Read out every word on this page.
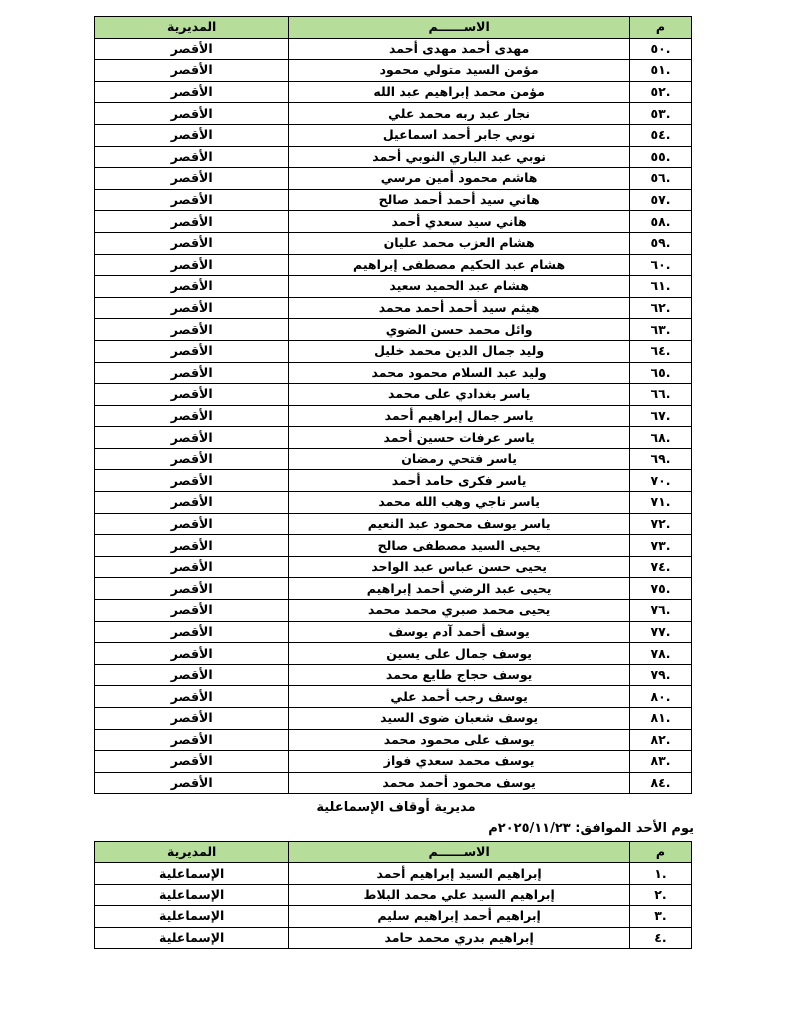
م	الاســــــم	المديرية
.٥٠	مهدى أحمد مهدى أحمد	الأقصر
.٥١	مؤمن السيد متولي محمود	الأقصر
.٥٢	مؤمن محمد إبراهيم عبد الله	الأقصر
.٥٣	نجار عبد ربه محمد علي	الأقصر
.٥٤	نوبي جابر أحمد اسماعيل	الأقصر
.٥٥	نوبي عبد الباري النوبي أحمد	الأقصر
.٥٦	هاشم محمود أمين مرسي	الأقصر
.٥٧	هاني سيد أحمد أحمد صالح	الأقصر
.٥٨	هاني سيد سعدي أحمد	الأقصر
.٥٩	هشام العزب محمد عليان	الأقصر
.٦٠	هشام عبد الحكيم مصطفى إبراهيم	الأقصر
.٦١	هشام عبد الحميد سعيد	الأقصر
.٦٢	هيثم سيد أحمد أحمد محمد	الأقصر
.٦٣	وائل محمد حسن الضوي	الأقصر
.٦٤	وليد جمال الدين محمد خليل	الأقصر
.٦٥	وليد عبد السلام محمود محمد	الأقصر
.٦٦	ياسر بغدادي على محمد	الأقصر
.٦٧	ياسر جمال إبراهيم أحمد	الأقصر
.٦٨	ياسر عرفات حسين أحمد	الأقصر
.٦٩	ياسر فتحي رمضان	الأقصر
.٧٠	ياسر فكرى حامد أحمد	الأقصر
.٧١	ياسر ناجي وهب الله محمد	الأقصر
.٧٢	ياسر يوسف محمود عبد النعيم	الأقصر
.٧٣	يحيى السيد مصطفى صالح	الأقصر
.٧٤	يحيى حسن عباس عبد الواحد	الأقصر
.٧٥	يحيى عبد الرضي أحمد إبراهيم	الأقصر
.٧٦	يحيى محمد صبري محمد محمد	الأقصر
.٧٧	يوسف أحمد آدم يوسف	الأقصر
.٧٨	يوسف جمال على يسين	الأقصر
.٧٩	يوسف حجاج طايع محمد	الأقصر
.٨٠	يوسف رجب أحمد علي	الأقصر
.٨١	يوسف شعبان ضوى السيد	الأقصر
.٨٢	يوسف على محمود محمد	الأقصر
.٨٣	يوسف محمد سعدي فواز	الأقصر
.٨٤	يوسف محمود أحمد محمد	الأقصر
مديرية أوقاف الإسماعلية
يوم الأحد الموافق: ٢٠٢٥/١١/٢٣م
م	الاســــــم	المديرية
.١	إبراهيم السيد إبراهيم أحمد	الإسماعلية
.٢	إبراهيم السيد علي محمد البلاط	الإسماعلية
.٣	إبراهيم أحمد إبراهيم سليم	الإسماعلية
.٤	إبراهيم بدري محمد حامد	الإسماعلية
